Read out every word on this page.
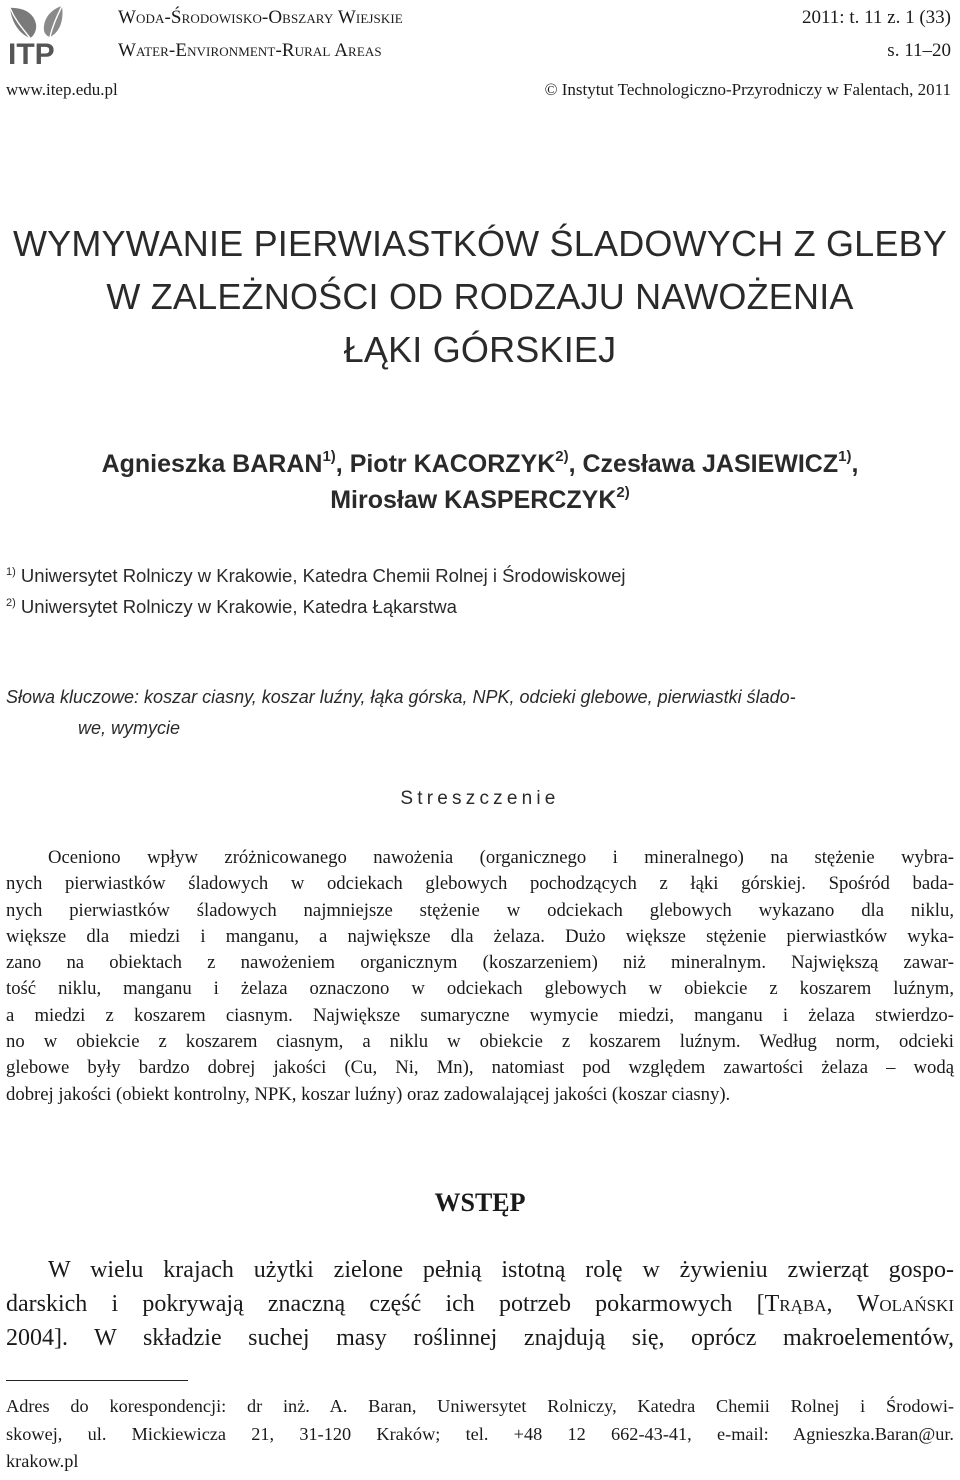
ITP
Woda-Środowisko-Obszary Wiejskie	2011: t. 11 z. 1 (33)
Water-Environment-Rural Areas	s. 11–20
www.itep.edu.pl	© Instytut Technologiczno-Przyrodniczy w Falentach, 2011
WYMYWANIE PIERWIASTKÓW ŚLADOWYCH Z GLEBY
W ZALEŻNOŚCI OD RODZAJU NAWOŻENIA
ŁĄKI GÓRSKIEJ
Agnieszka BARAN$^{1)}$, Piotr KACORZYK$^{2)}$, Czesława JASIEWICZ$^{1)}$,
Mirosław KASPERCZYK$^{2)}$
$^{1)}$ Uniwersytet Rolniczy w Krakowie, Katedra Chemii Rolnej i Środowiskowej
$^{2)}$ Uniwersytet Rolniczy w Krakowie, Katedra Łąkarstwa
Słowa kluczowe: koszar ciasny, koszar luźny, łąka górska, NPK, odcieki glebowe, pierwiastki ślado-
we, wymycie
Streszczenie
Oceniono wpływ zróżnicowanego nawożenia (organicznego i mineralnego) na stężenie wybra-
nych pierwiastków śladowych w odciekach glebowych pochodzących z łąki górskiej. Spośród bada-
nych pierwiastków śladowych najmniejsze stężenie w odciekach glebowych wykazano dla niklu,
większe dla miedzi i manganu, a największe dla żelaza. Dużo większe stężenie pierwiastków wyka-
zano na obiektach z nawożeniem organicznym (koszarzeniem) niż mineralnym. Największą zawar-
tość niklu, manganu i żelaza oznaczono w odciekach glebowych w obiekcie z koszarem luźnym,
a miedzi z koszarem ciasnym. Największe sumaryczne wymycie miedzi, manganu i żelaza stwierdzo-
no w obiekcie z koszarem ciasnym, a niklu w obiekcie z koszarem luźnym. Według norm, odcieki
glebowe były bardzo dobrej jakości (Cu, Ni, Mn), natomiast pod względem zawartości żelaza – wodą
dobrej jakości (obiekt kontrolny, NPK, koszar luźny) oraz zadowalającej jakości (koszar ciasny).
WSTĘP
W wielu krajach użytki zielone pełnią istotną rolę w żywieniu zwierząt gospo-
darskich i pokrywają znaczną część ich potrzeb pokarmowych [Trąba, Wolański
2004]. W składzie suchej masy roślinnej znajdują się, oprócz makroelementów,
Adres do korespondencji: dr inż. A. Baran, Uniwersytet Rolniczy, Katedra Chemii Rolnej i Środowi-
skowej, ul. Mickiewicza 21, 31-120 Kraków; tel. +48 12 662-43-41, e-mail: Agnieszka.Baran@ur.
krakow.pl
